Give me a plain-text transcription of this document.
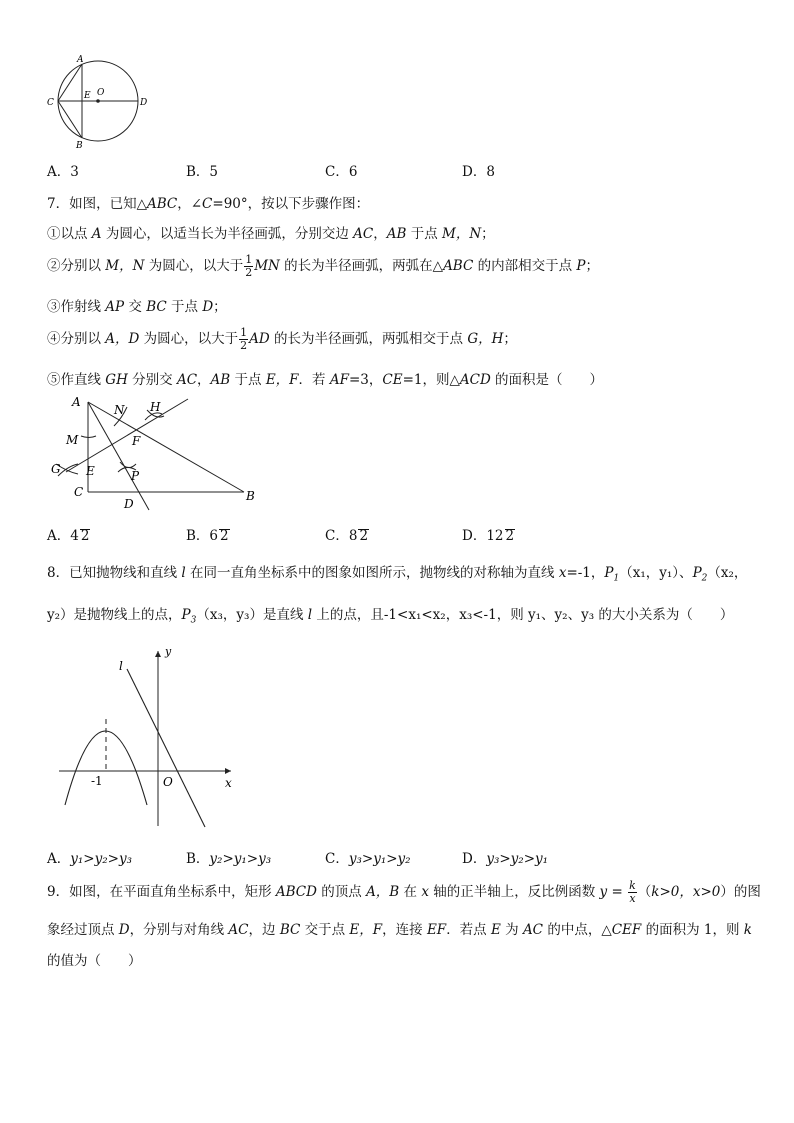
A
B
C	D
E O
A．3	B．5	C．6	D．8
7．如图，已知△ABC，∠C=90°，按以下步骤作图：
①以点 A 为圆心，以适当长为半径画弧，分别交边 AC，AB 于点 M，N；
②分别以 M，N 为圆心，以大于 $\frac{1}{2}$ MN 的长为半径画弧，两弧在△ABC 的内部相交于点 P；
③作射线 AP 交 BC 于点 D；
④分别以 A，D 为圆心，以大于 $\frac{1}{2}$ AD 的长为半径画弧，两弧相交于点 G，H；
⑤作直线 GH 分别交 AC，AB 于点 E，F．若 AF=3，CE=1，则△ACD 的面积是（　　）
A
N H
M	F
G E	P
C
D
B
A．4 2	B．6 2	C．8 2	D．12 2
8．已知抛物线和直线 l 在同一直角坐标系中的图象如图所示，抛物线的对称轴为直线 x=-1，$P_1(x_1$，y₁）、$P_2(x_2$，
y₂）是抛物线上的点，$P_3(x_3$，y₃）是直线 l 上的点，且-1<x₁<x₂，x₃<-1，则 y₁、y₂、y₃ 的大小关系为（　　）
l
y
-1	O	x
A．y₁>y₂>y₃	B．y₂>y₁>y₃	C．y₃>y₁>y₂	D．y₃>y₂>y₁
9．如图，在平面直角坐标系中，矩形 ABCD 的顶点 A，B 在 x 轴的正半轴上，反比例函数 $y = \frac{k}{x} (k>0$，x>0）的图
象经过顶点 D，分别与对角线 AC，边 BC 交于点 E，F，连接 EF．若点 E 为 AC 的中点，△CEF 的面积为 1，则 k
的值为（　　）
